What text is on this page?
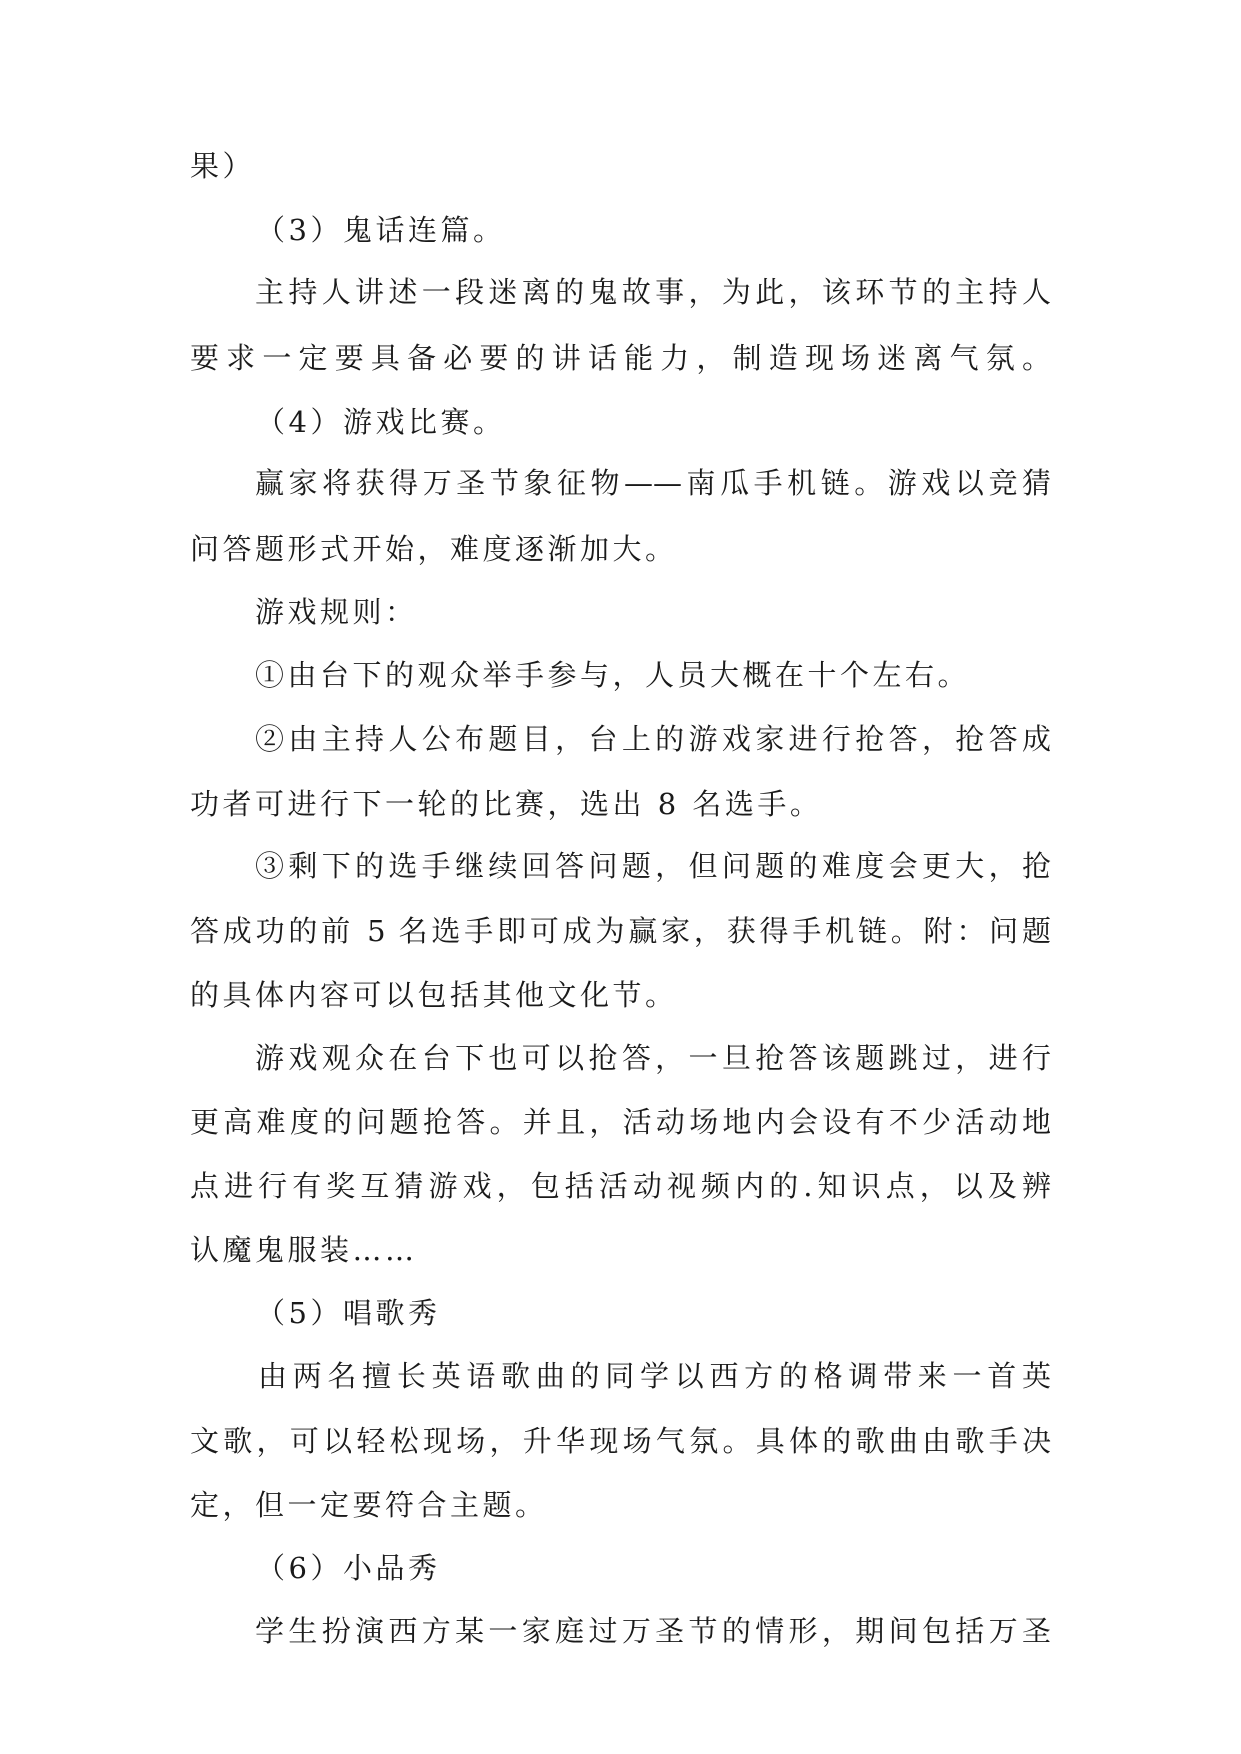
果）
（3）鬼话连篇。
主持人讲述一段迷离的鬼故事，为此，该环节的主持人
要求一定要具备必要的讲话能力，制造现场迷离气氛。
（4）游戏比赛。
赢家将获得万圣节象征物——南瓜手机链。游戏以竞猜
问答题形式开始，难度逐渐加大。
游戏规则：
①由台下的观众举手参与，人员大概在十个左右。
②由主持人公布题目，台上的游戏家进行抢答，抢答成
功者可进行下一轮的比赛，选出 8 名选手。
③剩下的选手继续回答问题，但问题的难度会更大，抢
答成功的前 5 名选手即可成为赢家，获得手机链。附：问题
的具体内容可以包括其他文化节。
游戏观众在台下也可以抢答，一旦抢答该题跳过，进行
更高难度的问题抢答。并且，活动场地内会设有不少活动地
点进行有奖互猜游戏，包括活动视频内的.知识点，以及辨
认魔鬼服装……
（5）唱歌秀
由两名擅长英语歌曲的同学以西方的格调带来一首英
文歌，可以轻松现场，升华现场气氛。具体的歌曲由歌手决
定，但一定要符合主题。
（6）小品秀
学生扮演西方某一家庭过万圣节的情形，期间包括万圣
